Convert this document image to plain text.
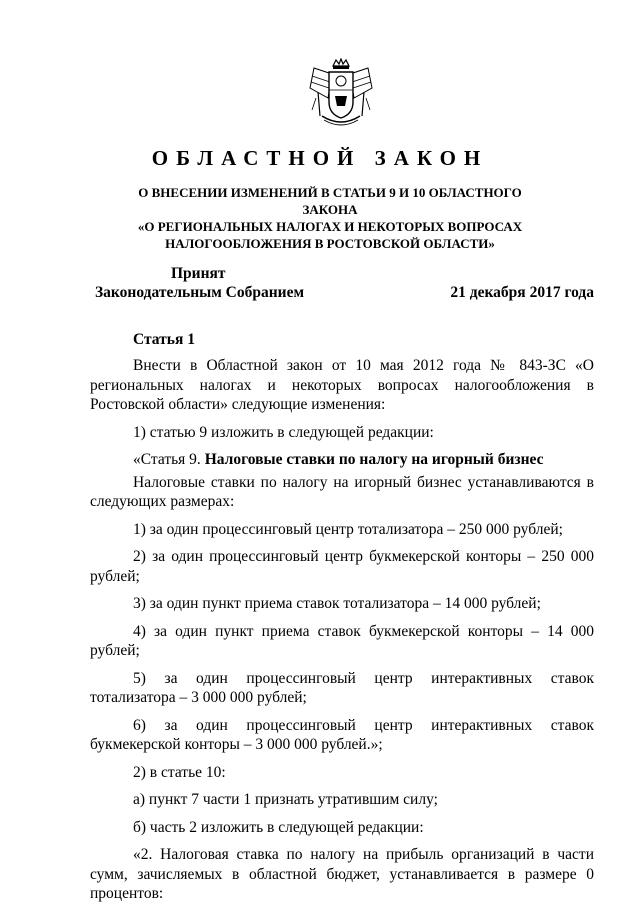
ОБЛАСТНОЙ ЗАКОН
О ВНЕСЕНИИ ИЗМЕНЕНИЙ В СТАТЬИ 9 И 10 ОБЛАСТНОГО ЗАКОНА
«О РЕГИОНАЛЬНЫХ НАЛОГАХ И НЕКОТОРЫХ ВОПРОСАХ
НАЛОГООБЛОЖЕНИЯ В РОСТОВСКОЙ ОБЛАСТИ»
Принят
Законодательным Собранием	21 декабря 2017 года
Статья 1

Внести в Областной закон от 10 мая 2012 года № 843-ЗС «О региональных налогах и некоторых вопросах налогообложения в Ростовской области» следующие изменения:

1) статью 9 изложить в следующей редакции:

«Статья 9. Налоговые ставки по налогу на игорный бизнес

Налоговые ставки по налогу на игорный бизнес устанавливаются в следующих размерах:

1) за один процессинговый центр тотализатора – 250 000 рублей;

2) за один процессинговый центр букмекерской конторы – 250 000 рублей;

3) за один пункт приема ставок тотализатора – 14 000 рублей;

4) за один пункт приема ставок букмекерской конторы – 14 000 рублей;

5) за один процессинговый центр интерактивных ставок тотализатора – 3 000 000 рублей;

6) за один процессинговый центр интерактивных ставок букмекерской конторы – 3 000 000 рублей.»;

2) в статье 10:

а) пункт 7 части 1 признать утратившим силу;

б) часть 2 изложить в следующей редакции:

«2. Налоговая ставка по налогу на прибыль организаций в части сумм, зачисляемых в областной бюджет, устанавливается в размере 0 процентов:
